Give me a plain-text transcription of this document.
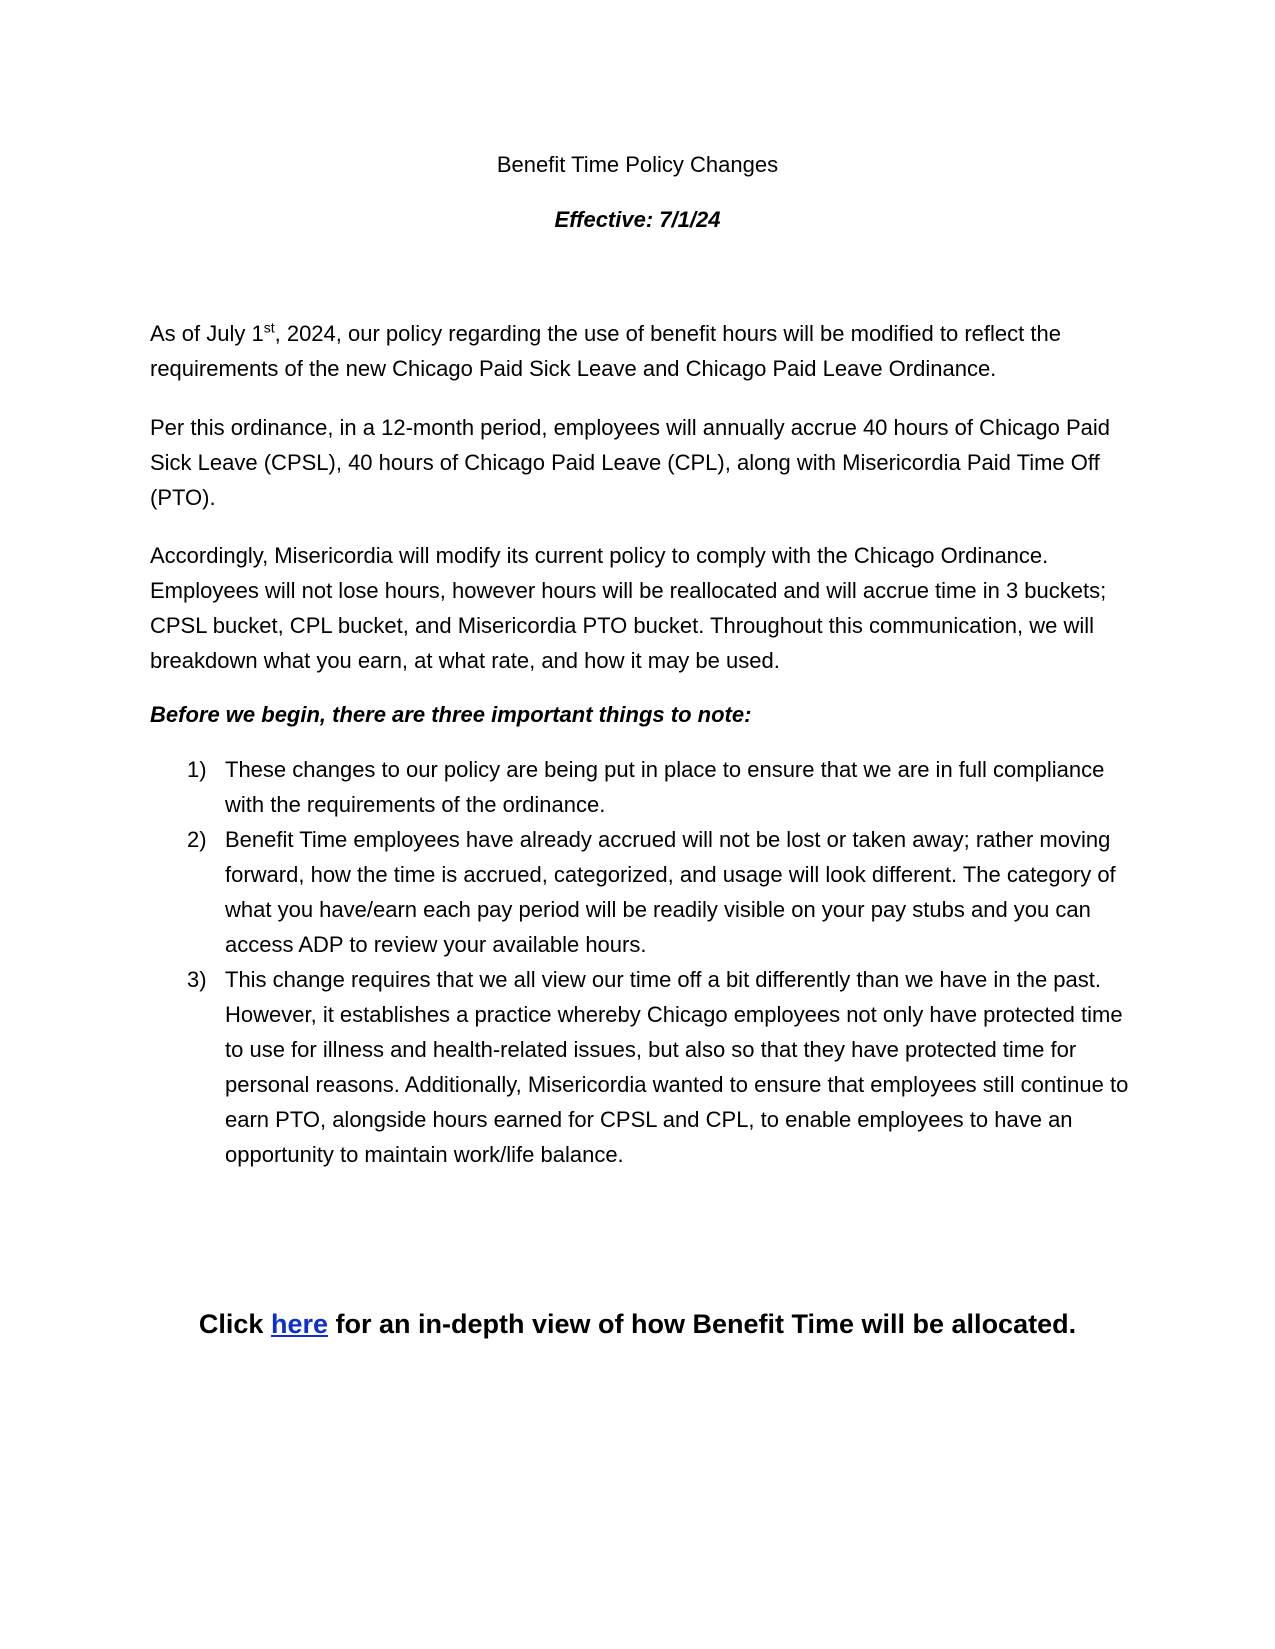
Benefit Time Policy Changes
Effective: 7/1/24

As of July 1st, 2024, our policy regarding the use of benefit hours will be modified to reflect the requirements of the new Chicago Paid Sick Leave and Chicago Paid Leave Ordinance.

Per this ordinance, in a 12-month period, employees will annually accrue 40 hours of Chicago Paid Sick Leave (CPSL), 40 hours of Chicago Paid Leave (CPL), along with Misericordia Paid Time Off (PTO).

Accordingly, Misericordia will modify its current policy to comply with the Chicago Ordinance. Employees will not lose hours, however hours will be reallocated and will accrue time in 3 buckets; CPSL bucket, CPL bucket, and Misericordia PTO bucket. Throughout this communication, we will breakdown what you earn, at what rate, and how it may be used.

Before we begin, there are three important things to note:
1) These changes to our policy are being put in place to ensure that we are in full compliance with the requirements of the ordinance.
2) Benefit Time employees have already accrued will not be lost or taken away; rather moving forward, how the time is accrued, categorized, and usage will look different. The category of what you have/earn each pay period will be readily visible on your pay stubs and you can access ADP to review your available hours.
3) This change requires that we all view our time off a bit differently than we have in the past. However, it establishes a practice whereby Chicago employees not only have protected time to use for illness and health-related issues, but also so that they have protected time for personal reasons. Additionally, Misericordia wanted to ensure that employees still continue to earn PTO, alongside hours earned for CPSL and CPL, to enable employees to have an opportunity to maintain work/life balance.
Click here for an in-depth view of how Benefit Time will be allocated.
